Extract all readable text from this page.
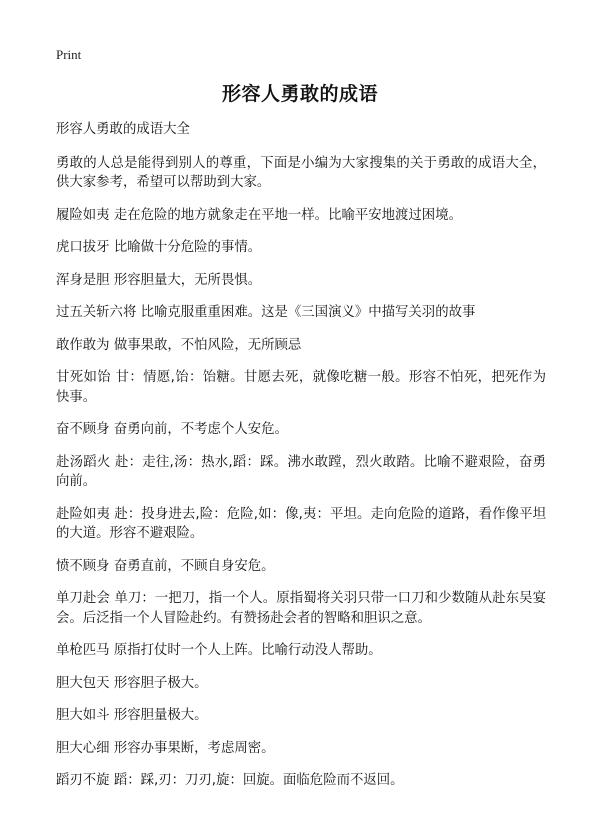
Print
形容人勇敢的成语

形容人勇敢的成语大全

勇敢的人总是能得到别人的尊重，下面是小编为大家搜集的关于勇敢的成语大全，供大家参考，希望可以帮助到大家。

履险如夷 走在危险的地方就象走在平地一样。比喻平安地渡过困境。

虎口拔牙 比喻做十分危险的事情。

浑身是胆 形容胆量大，无所畏惧。

过五关斩六将 比喻克服重重困难。这是《三国演义》中描写关羽的故事

敢作敢为 做事果敢，不怕风险，无所顾忌

甘死如饴 甘：情愿,饴：饴糖。甘愿去死，就像吃糖一般。形容不怕死，把死作为快事。

奋不顾身 奋勇向前，不考虑个人安危。

赴汤蹈火 赴：走往,汤：热水,蹈：踩。沸水敢蹚，烈火敢踏。比喻不避艰险，奋勇向前。

赴险如夷 赴：投身进去,险：危险,如：像,夷：平坦。走向危险的道路，看作像平坦的大道。形容不避艰险。

愤不顾身 奋勇直前，不顾自身安危。

单刀赴会 单刀：一把刀，指一个人。原指蜀将关羽只带一口刀和少数随从赴东吴宴会。后泛指一个人冒险赴约。有赞扬赴会者的智略和胆识之意。

单枪匹马 原指打仗时一个人上阵。比喻行动没人帮助。

胆大包天 形容胆子极大。

胆大如斗 形容胆量极大。

胆大心细 形容办事果断，考虑周密。

蹈刃不旋 蹈：踩,刃：刀刃,旋：回旋。面临危险而不返回。
